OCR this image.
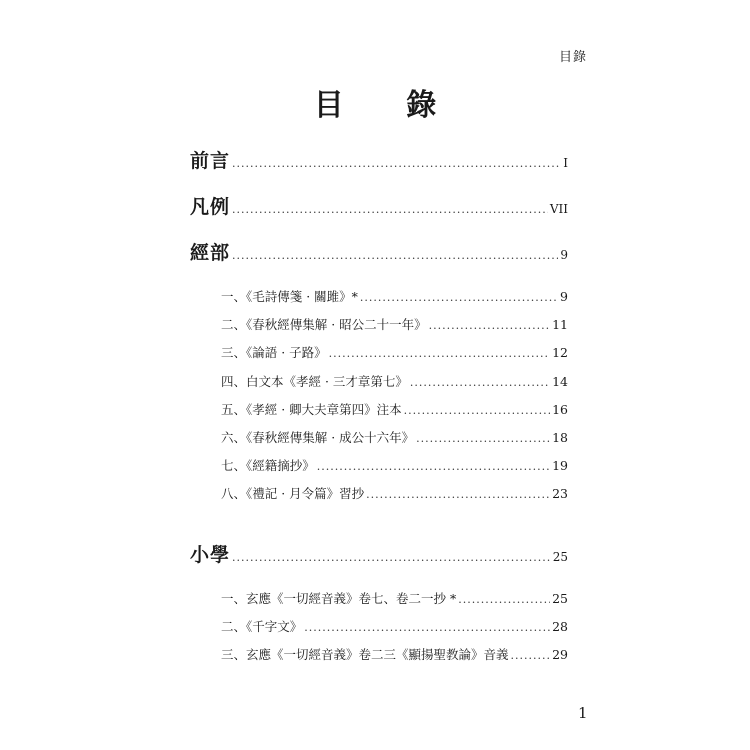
目錄
目 錄
前言 .....	I
凡例 .....	VII
經部 .....	9
一、《毛詩傳箋 · 關雎》* .....	9
二、《春秋經傳集解 · 昭公二十一年》 .....	11
三、《論語 · 子路》 .....	12
四、白文本《孝經 · 三才章第七》 .....	14
五、《孝經 · 卿大夫章第四》注本 .....	16
六、《春秋經傳集解 · 成公十六年》 .....	18
七、《經籍摘抄》 .....	19
八、《禮記 · 月令篇》習抄 .....	23
小學 .....	25
一、玄應《一切經音義》卷七、卷二一抄 * .....	25
二、《千字文》 .....	28
三、玄應《一切經音義》卷二三《顯揚聖教論》音義 .....	29
1
